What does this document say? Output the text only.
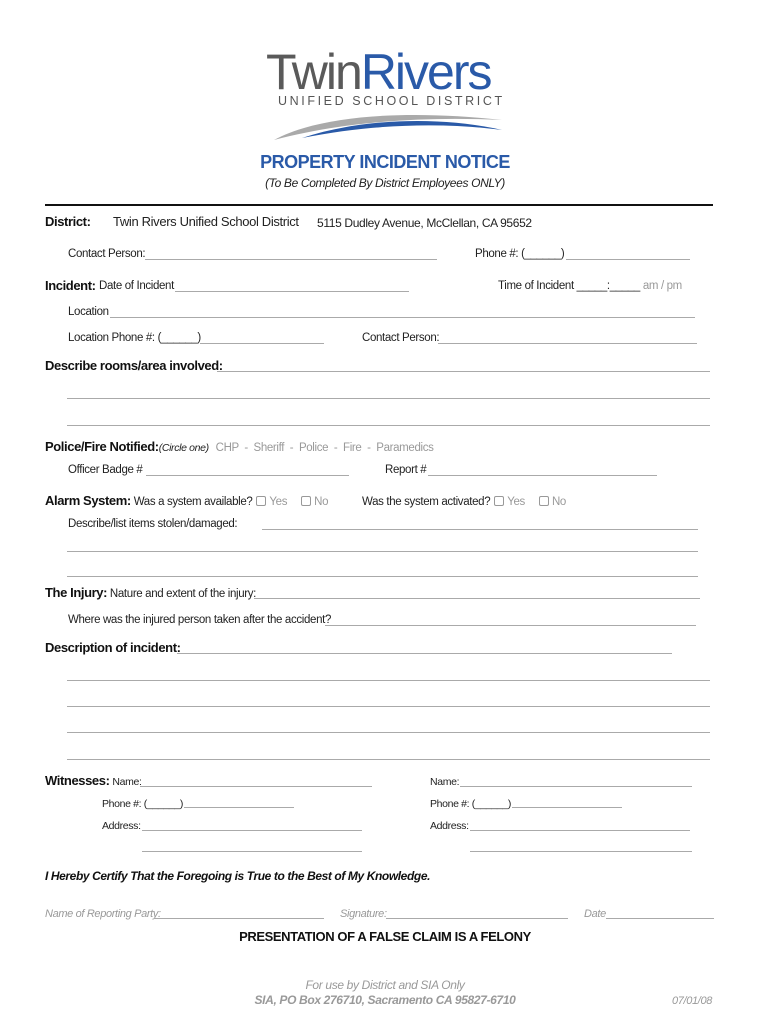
TwinRivers
UNIFIED SCHOOL DISTRICT
PROPERTY INCIDENT NOTICE
(To Be Completed By District Employees ONLY)
District: Twin Rivers Unified School District 5115 Dudley Avenue, McClellan, CA 95652
Contact Person:	Phone #: (______)
Incident: Date of Incident	Time of Incident _____:_____ am / pm
Location
Location Phone #: (______)	Contact Person:
Describe rooms/area involved:
Police/Fire Notified:(Circle one) CHP  -  Sheriff  -  Police  -  Fire  -  Paramedics
Officer Badge #	Report #
Alarm System: Was a system available? Yes No	Was the system activated? Yes No
Describe/list items stolen/damaged:
The Injury: Nature and extent of the injury:
Where was the injured person taken after the accident?
Description of incident:
Witnesses: Name:	Name:
Phone #: (______)	Phone #: (______)
Address:	Address:
I Hereby Certify That the Foregoing is True to the Best of My Knowledge.
Name of Reporting Party:	Signature:	Date
PRESENTATION OF A FALSE CLAIM IS A FELONY
For use by District and SIA Only
SIA, PO Box 276710, Sacramento CA 95827-6710	07/01/08
